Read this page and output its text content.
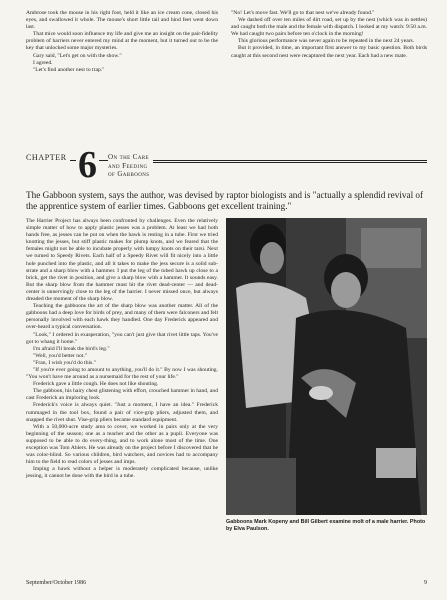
Ambrose took the mouse in his right foot, held it like an ice cream cone, closed his eyes, and swallowed it whole. The mouse's short little tail and hind feet went down last.

That mice would soon influence my life and give me an insight on the pair-fidelity problem of harriers never entered my mind at the moment, but it turned out to be the key that unlocked some major mysteries.

Gary said, "Let's get on with the show."

I agreed.

"Let's find another nest to trap."

"No! Let's move fast. We'll go to that nest we've already found."

We dashed off over ten miles of dirt road, set up by the nest (which was in nettles) and caught both the male and the female with dispatch. I looked at my watch: 9:50 a.m. We had caught two pairs before ten o'clock in the morning!

This glorious performance was never again to be repeated in the next 24 years.

But it provided, in time, an important first answer to my basic question. Both birds caught at this second nest were recaptured the next year. Each had a new mate.

CHAPTER 6 On the Care
and Feeding
of Gabboons
The Gabboon system, says the author, was devised by raptor biologists and is "actually a splendid revival of the apprentice system of earlier times. Gabboons get excellent training."

The Harrier Project has always been confronted by challenges. Even the relatively simple matter of how to apply plastic jesses was a problem. At least we had both hands free, as jesses can be put on when the hawk is resting in a tube. First we tried knotting the jesses, but stiff plastic makes for plump knots, and we feared that the females might not be able to incubate properly with lumpy knots on their tarsi. Next we turned to Speedy Rivets. Each half of a Speedy Rivet will fit nicely into a little hole punched into the plastic, and all it takes to make the jess secure is a solid sub-strate and a sharp blow with a hammer. I put the leg of the tubed hawk up close to a brick, get the rivet in position, and give a sharp blow with a hammer. It sounds easy. But the sharp blow from the hammer must hit the rivet dead-center — and dead-center is unnervingly close to the leg of the harrier. I never missed once, but always dreaded the moment of the sharp blow.

Teaching the gabboons the art of the sharp blow was another matter. All of the gabboons had a deep love for birds of prey, and many of them were falconers and felt personally involved with each hawk they handled. One day Frederick appeared and over-heard a typical conversation.

"Look," I ordered in exasperation, "you can't just give that rivet little taps. You've got to whang it home."

I'm afraid I'll break the bird's leg."

"Well, you'd better not."

"Fran, I wish you'd do this."

"If you're ever going to amount to anything, you'll do it." By now I was shouting. "You won't have me around as a nursemaid for the rest of your life."

Frederick gave a little cough. He does not like shouting.

The gabboon, his hairy chest glistening with effort, crouched hammer in hand, and cast Frederick an imploring look.

Frederick's voice is always quiet. "Just a moment, I have an idea." Frederick rummaged in the tool box, found a pair of vice-grip pliers, adjusted them, and snapped the rivet shut. Vise-grip pliers became standard equipment.

With a 50,000-acre study area to cover, we worked in pairs only at the very beginning of the season; one as a teacher and the other as a pupil. Everyone was supposed to be able to do every-thing, and to work alone most of the time. One exception was Tom Ahlers. He was already on the project before I discovered that he was color-blind. So various children, bird watchers, and novices had to accompany him to the field to read colors of jesses and imps.

Imping a hawk without a helper is moderately complicated because, unlike jessing, it cannot be done with the bird in a tube.

Gabboons Mark Kopeny and Bill Gilbert examine molt of a male harrier. Photo by Elva Paulson.
September/October 1986	9
